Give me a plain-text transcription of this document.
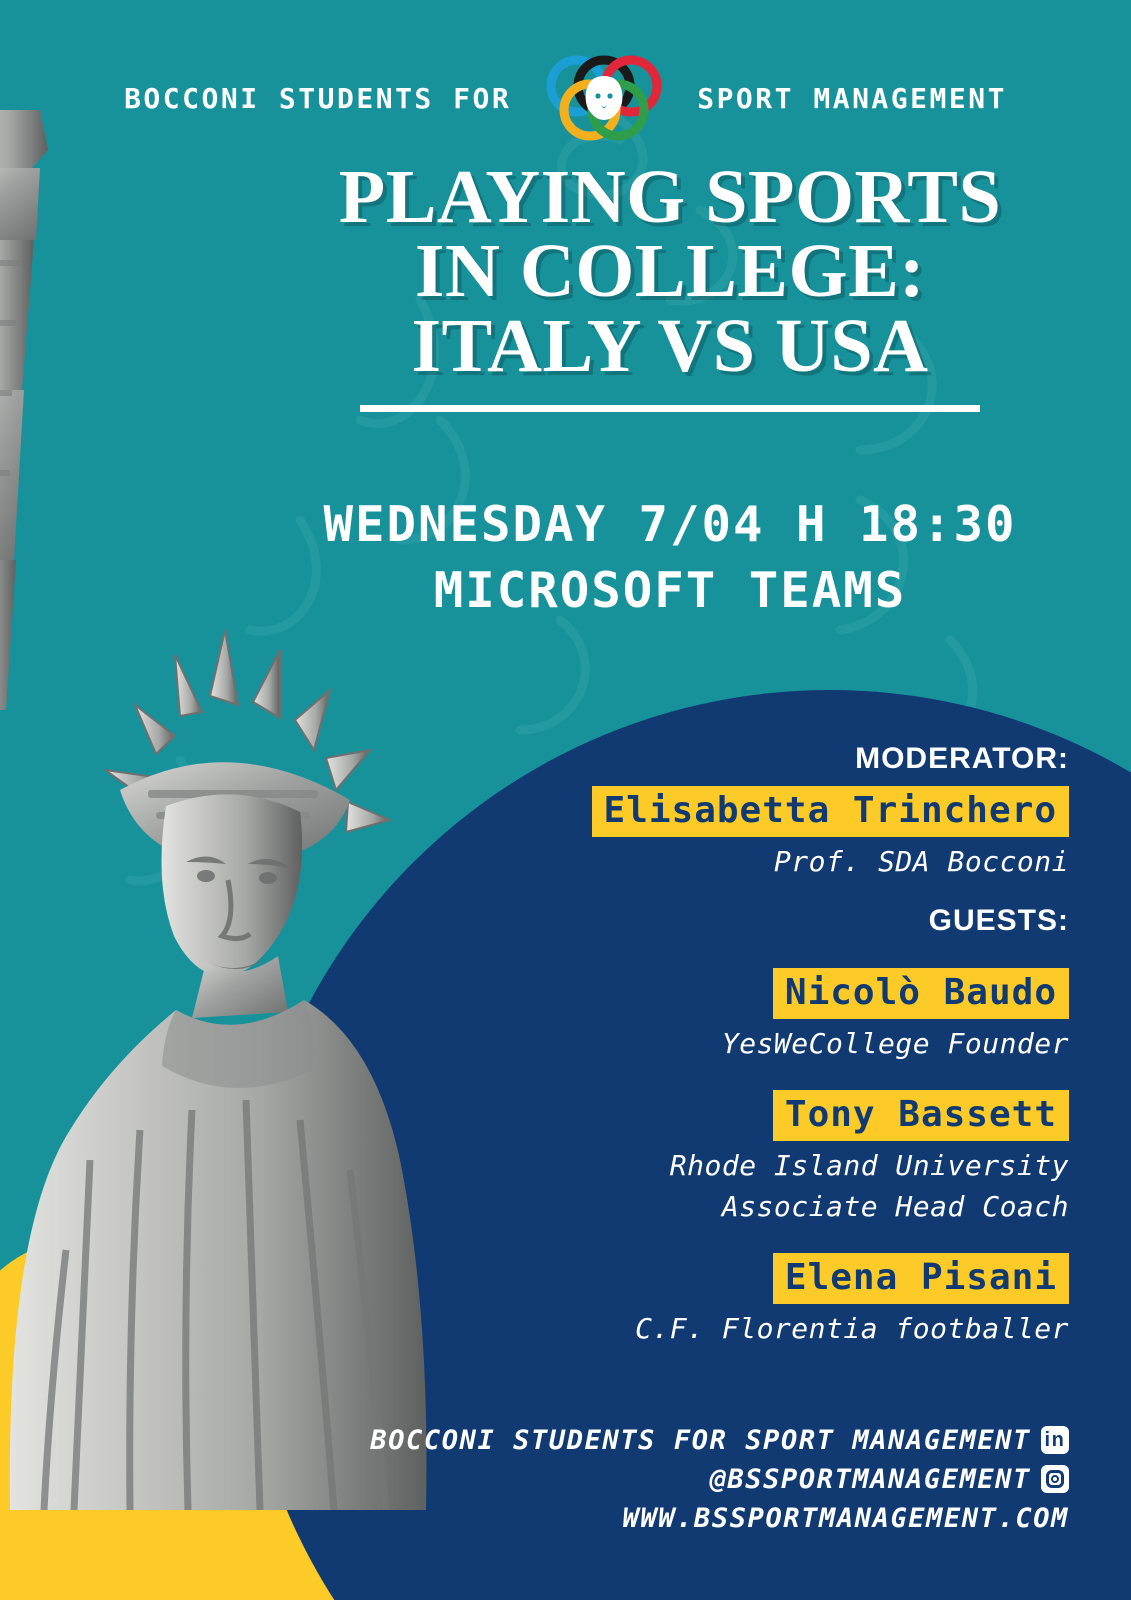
BOCCONI STUDENTS FOR	SPORT MANAGEMENT
PLAYING SPORTS
IN COLLEGE:
ITALY VS USA
WEDNESDAY 7/04 H 18:30
MICROSOFT TEAMS
MODERATOR:
Elisabetta Trinchero
Prof. SDA Bocconi
GUESTS:
Nicolò Baudo
YesWeCollege Founder
Tony Bassett
Rhode Island University
Associate Head Coach
Elena Pisani
C.F. Florentia footballer
BOCCONI STUDENTS FOR SPORT MANAGEMENT in
@BSSPORTMANAGEMENT
WWW.BSSPORTMANAGEMENT.COM
